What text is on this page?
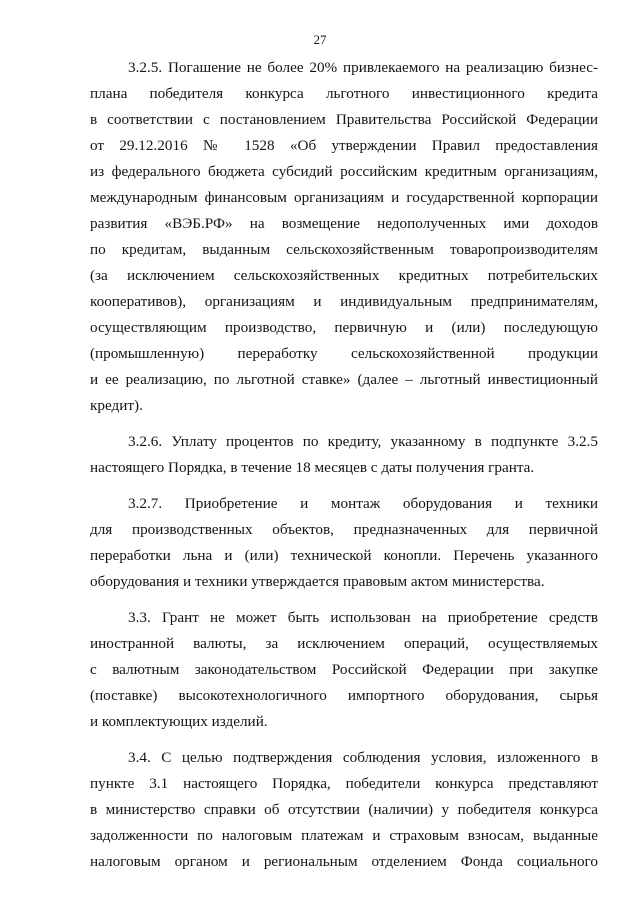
27
3.2.5. Погашение не более 20% привлекаемого на реализацию бизнес-
плана победителя конкурса льготного инвестиционного кредита
в соответствии с постановлением Правительства Российской Федерации
от 29.12.2016 № 1528 «Об утверждении Правил предоставления
из федерального бюджета субсидий российским кредитным организациям,
международным финансовым организациям и государственной корпорации
развития «ВЭБ.РФ» на возмещение недополученных ими доходов
по кредитам, выданным сельскохозяйственным товаропроизводителям
(за исключением сельскохозяйственных кредитных потребительских
кооперативов), организациям и индивидуальным предпринимателям,
осуществляющим производство, первичную и (или) последующую
(промышленную) переработку сельскохозяйственной продукции
и ее реализацию, по льготной ставке» (далее – льготный инвестиционный
кредит).
3.2.6. Уплату процентов по кредиту, указанному в подпункте 3.2.5
настоящего Порядка, в течение 18 месяцев с даты получения гранта.
3.2.7. Приобретение и монтаж оборудования и техники
для производственных объектов, предназначенных для первичной
переработки льна и (или) технической конопли. Перечень указанного
оборудования и техники утверждается правовым актом министерства.
3.3. Грант не может быть использован на приобретение средств
иностранной валюты, за исключением операций, осуществляемых
с валютным законодательством Российской Федерации при закупке
(поставке) высокотехнологичного импортного оборудования, сырья
и комплектующих изделий.
3.4. С целью подтверждения соблюдения условия, изложенного в
пункте 3.1 настоящего Порядка, победители конкурса представляют
в министерство справки об отсутствии (наличии) у победителя конкурса
задолженности по налоговым платежам и страховым взносам, выданные
налоговым органом и региональным отделением Фонда социального
